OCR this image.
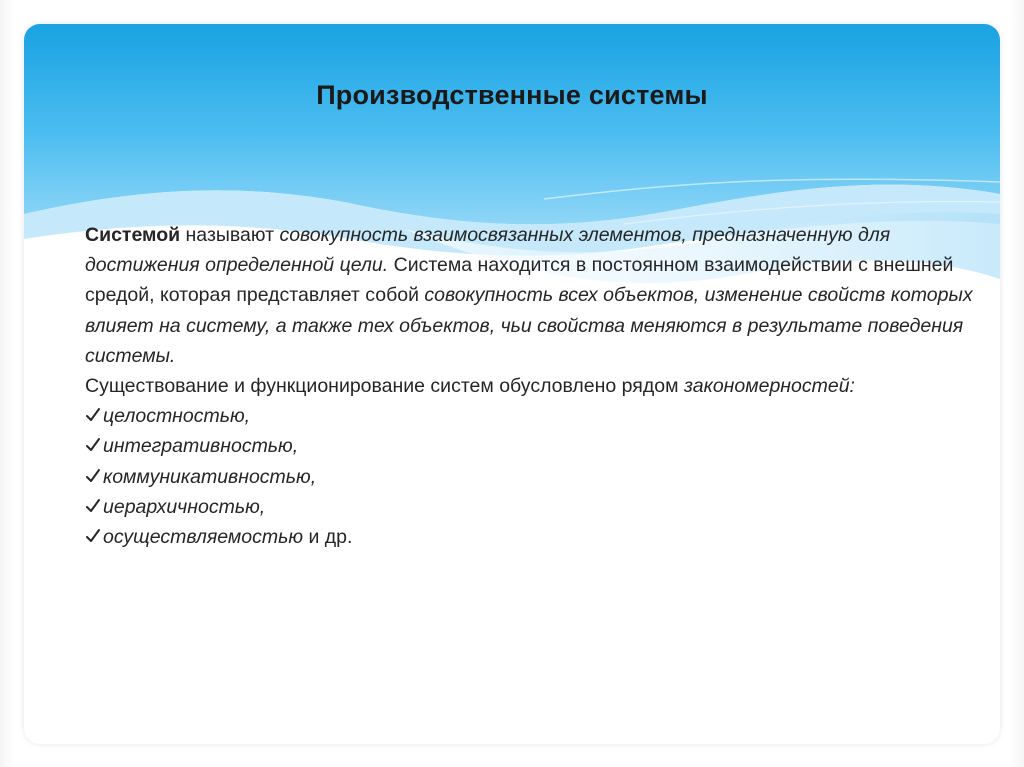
Производственные системы

Системой называют совокупность взаимосвязанных элементов, предназначенную для достижения определенной цели. Система находится в постоянном взаимодействии с внешней средой, которая представляет собой совокупность всех объектов, изменение свойств которых влияет на систему, а также тех объектов, чьи свойства меняются в результате поведения системы.

Существование и функционирование систем обусловлено рядом закономерностей:

целостностью,
интегративностью,
коммуникативностью,
иерархичностью,
осуществляемостью и др.
